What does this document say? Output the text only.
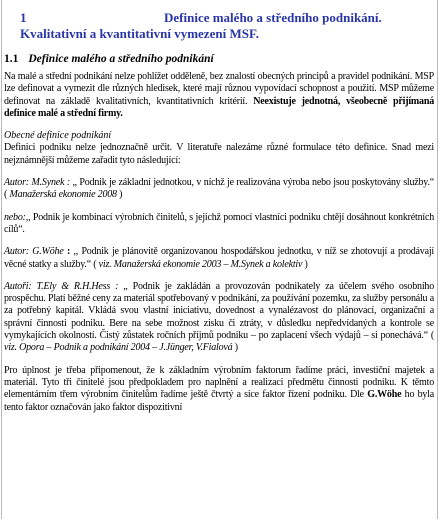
1	Definice malého a středního podnikání.
Kvalitativní a kvantitativní vymezení MSF.
1.1 Definice malého a středního podnikání

Na malé a střední podnikání nelze pohlížet odděleně, bez znalostí obecných principů a pravidel podnikání. MSP lze definovat a vymezit dle různých hledisek, které mají různou vypovídací schopnost a použití. MSP můžeme definovat na základě kvalitativních, kvantitativních kritérií. Neexistuje jednotná, všeobecně přijímaná definice malé a střední firmy.

Obecné definice podnikání

Definici podniku nelze jednoznačně určit. V literatuře nalezáme různé formulace této definice. Snad mezi nejznámnější můžeme zařadit tyto následující:

Autor: M.Synek : „ Podnik je základní jednotkou, v níchž je realizována výroba nebo jsou poskytovány služby.“ ( Manažerská ekonomie 2008 )

nebo:,, Podnik je kombinací výrobních činitelů, s jejichž pomocí vlastníci podniku chtějí dosáhnout konkrétních cílů“.

Autor: G.Wöhe : ,, Podnik je plánovitě organizovanou hospodářskou jednotku, v níž se zhotovují a prodávají věcné statky a služby.“ ( viz. Manažerská ekonomie 2003 – M.Synek a kolektiv )

Autoři: T.Ely & R.H.Hess : „ Podnik je zakládán a provozován podnikately za účelem svého osobního prospěchu. Platí běžné ceny za materiál spotřebovaný v podnikání, za používání pozemku, za služby personálu a za potřebný kapitál. Vkládá svou vlastní iniciativu, dovednost a vynalézavost do plánovací, organizační a správní činnosti podniku. Bere na sebe možnost zisku či ztráty, v důsledku nepředvídaných a kontrole se vymykajících okolností. Čistý zůstatek ročních příjmů podniku – po zaplacení všech výdajů – si ponechává.“ ( viz. Opora – Podnik a podnikání 2004 – J.Jünger, V.Fialová )

Pro úplnost je třeba připomenout, že k základním výrobním faktorum řadíme práci, investiční majetek a materiál. Tyto tři činitelé jsou předpokladem pro naplnění a realizaci předmětu činnosti podniku. K těmto elementárním třem výrobním činitelům řadíme ještě čtvrtý a sice faktor řízení podniku. Dle G.Wöhe ho byla tento faktor označován jako faktor dispozitivní
